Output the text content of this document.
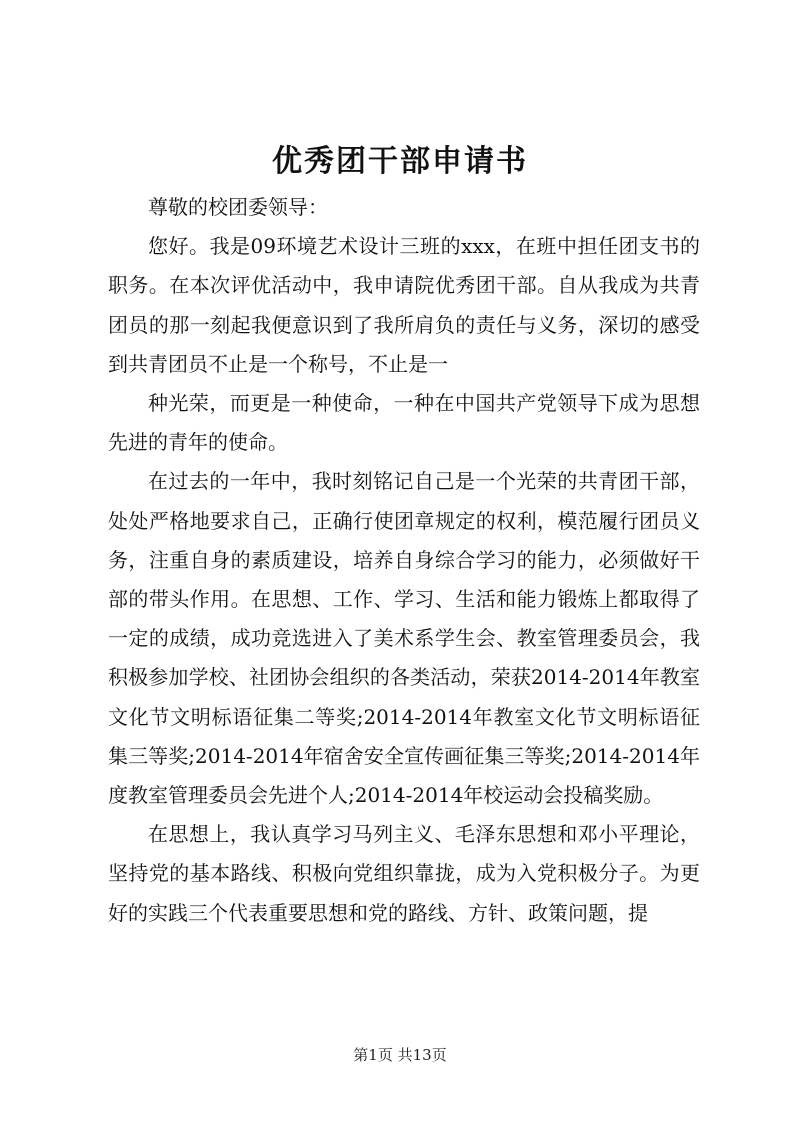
优秀团干部申请书

尊敬的校团委领导：

您好。我是09环境艺术设计三班的xxx，在班中担任团支书的职务。在本次评优活动中，我申请院优秀团干部。自从我成为共青团员的那一刻起我便意识到了我所肩负的责任与义务，深切的感受到共青团员不止是一个称号，不止是一

种光荣，而更是一种使命，一种在中国共产党领导下成为思想先进的青年的使命。

在过去的一年中，我时刻铭记自己是一个光荣的共青团干部，处处严格地要求自己，正确行使团章规定的权利，模范履行团员义务，注重自身的素质建设，培养自身综合学习的能力，必须做好干部的带头作用。在思想、工作、学习、生活和能力锻炼上都取得了一定的成绩，成功竞选进入了美术系学生会、教室管理委员会，我积极参加学校、社团协会组织的各类活动，荣获2014-2014年教室文化节文明标语征集二等奖;2014-2014年教室文化节文明标语征集三等奖;2014-2014年宿舍安全宣传画征集三等奖;2014-2014年度教室管理委员会先进个人;2014-2014年校运动会投稿奖励。

在思想上，我认真学习马列主义、毛泽东思想和邓小平理论，坚持党的基本路线、积极向党组织靠拢，成为入党积极分子。为更好的实践三个代表重要思想和党的路线、方针、政策问题，提

第1页 共13页
